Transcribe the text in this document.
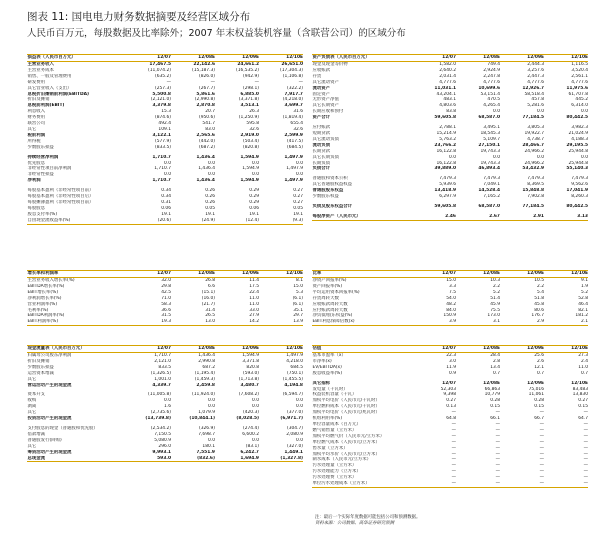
图表 11: 国电电力财务数据摘要及经营区域分布
人民币百万元，每股数据及比率除外；2007 年末权益装机容量（含联营公司）的区域分布
损益表（人民币百万元）	12/07	12/08E	12/09E	12/10E
主营业务收入	17,467.5	22,142.6	24,661.2	26,651.0
主营业务成本	(11,074.2)	(15,187.3)	(16,535.2)	(17,304.3)
销售、一般及管理费用	(635.2)	(826.0)	(942.9)	(1,106.8)
研发费用	—	—	—	—
其它营业收入（支出）	(257.3)	(267.7)	(298.1)	(322.2)
息税折旧摊销前利润(EBITDA)	5,500.8	5,861.6	6,885.0	7,917.7
折旧及摊销	(2,121.0)	(2,990.8)	(3,371.8)	(4,218.0)
息税前利润(EBIT)	3,379.8	2,870.8	3,513.1	3,699.7
利息收入	15.3	20.7	26.3	31.6
财务费用	(874.6)	(950.6)	(1,250.9)	(1,819.4)
联营公司	492.4	541.7	595.8	655.4
其它	109.1	83.0	32.6	32.6
税前利润	3,122.1	2,565.6	2,919.0	2,599.9
所得税	(577.9)	(442.0)	(503.4)	(417.5)
少数股东损益	(833.5)	(687.2)	(820.8)	(684.5)

持续经营净利润	1,710.7	1,436.4	1,594.9	1,497.9
优先股息	0.0	0.0	0.0	0.0
非经常性项目前净利润	1,710.7	1,436.4	1,594.9	1,497.9
非经常性损益	0.0	0.0	0.0	0.0
净利润	1,710.7	1,436.4	1,594.9	1,497.9

每股基本盈利（非经常性项目前）	0.34	0.26	0.29	0.27
每股基本盈利（非经常性项目后）	0.34	0.26	0.29	0.27
每股摊薄盈利（非经常性项目前）	0.31	0.26	0.29	0.27
每股股息	0.06	0.05	0.06	0.05
股息支付率(%)	19.1	19.1	19.1	19.1
自由现金流收益率(%)	(20.6)	(24.9)	(12.4)	(9.3)
增长率和利润率	12/07	12/08E	12/09E	12/10E
主营业务收入增长率(%)	32.0	26.8	11.4	8.1
EBITDA增长率(%)	29.8	6.6	17.5	15.0
EBIT增长率(%)	42.5	(15.1)	22.4	5.3
净利润增长率(%)	71.0	(16.0)	11.0	(6.1)
营业利润率(%)	58.3	(21.7)	11.0	(6.1)
毛利率(%)	36.6	31.4	33.0	35.1
EBITDA利润率(%)	31.5	26.5	27.9	29.7
EBIT利润率(%)	19.3	13.0	14.2	13.9
现金流量表（人民币百万元）	12/07	12/08E	12/09E	12/10E
归属母公司股东净利润	1,710.7	1,436.4	1,594.9	1,497.9
折旧及摊销	2,121.0	2,990.8	3,371.8	4,218.0
少数股东损益	833.5	687.2	820.8	684.5
运营资本增减	(1,326.5)	(1,195.4)	(593.0)	(750.1)
其它	1,001.0	(1,459.3)	(1,713.8)	(1,455.5)
营运活动产生的现金流	4,339.7	2,459.8	3,480.7	4,194.8

资本开支	(11,005.8)	(11,924.0)	(7,608.2)	(6,594.7)
收购	0.0	0.0	0.0	0.0
剥离	1.6	0.0	0.0	0.0
其它	(2,735.6)	1,079.9	(420.3)	(377.0)
投资活动产生的现金流	(13,739.8)	(10,844.1)	(8,028.5)	(6,971.7)

支付股息的现金（普通股和优先股）	(2,534.2)	(326.9)	(274.4)	(304.7)
借款增减	7,150.5	7,698.7	6,600.2	2,080.9
普通股发行(回购)	5,080.9	0.0	0.0	0.0
其它	296.0	180.1	(83.1)	(327.0)
筹资活动产生的现金流	9,993.1	7,551.9	6,242.7	1,449.1
总现金流	593.0	(832.6)	1,694.9	(1,327.8)
资产负债表（人民币百万元）	12/07	12/08E	12/09E	12/10E
现金及现金等价物	1,582.0	749.4	2,444.3	1,116.5
应收账款	2,640.2	2,924.9	3,257.6	3,520.4
存货	2,031.4	2,247.8	2,447.3	2,561.1
其它流动资产	4,777.6	4,777.6	4,777.6	4,777.6
流动资产	11,031.1	10,699.6	12,926.7	11,975.6
固定资产	43,204.1	53,151.4	58,518.4	61,707.8
无形资产净值	483.1	470.5	457.8	445.2
其它长期资产	4,803.6	4,265.4	5,281.6	6,314.0
长期应收和预付	83.8	0.0	0.0	0.0
资产合计	59,605.8	68,587.0	77,184.5	80,442.5

应付账款	2,788.1	3,495.1	3,805.3	3,982.3
短期贷款	15,214.9	18,545.3	19,922.7	21,024.9
其它流动负债	5,763.2	5,109.7	4,738.7	4,188.3
流动负债	23,766.2	27,150.1	28,466.7	29,195.5
长期贷款	16,122.8	19,743.3	24,966.2	25,944.8
其它长期负债	0.0	0.0	0.0	0.0
长期负债	16,122.8	19,743.3	24,966.2	25,944.8
负债合计	39,889.0	46,893.4	53,432.9	55,140.3

普通股和资本公积	7,479.3	7,479.3	7,479.3	7,479.3
其它普通股权益权益	5,939.6	7,049.1	8,369.5	9,562.6
普通股股东权益	13,418.9	14,528.4	15,848.8	17,041.9
少数股东权益	6,297.9	7,165.2	7,902.8	8,260.3

负债及股东权益合计	59,605.8	68,587.0	77,184.5	80,442.5

每股净资产（人民币元）	2.46	2.67	2.91	3.13
比率	12/07	12/08E	12/09E	12/10E
净资产回报率(%)	15.0	10.3	10.5	9.1
资产回报率(%)	3.3	2.2	2.2	1.9
平均运用资本回报率(%)	7.5	5.2	5.4	5.2
存货周转天数	54.0	51.4	51.8	52.8
应收账款周转天数	48.2	45.9	45.8	46.4
应付账款周转天数	84.0	75.5	80.6	82.1
净负债/股东权益(%)	150.9	173.0	176.7	181.2
EBIT利息保障倍数(x)	3.9	3.1	2.9	2.1
估值	12/07	12/08E	12/09E	12/10E
基本市盈率（x）	22.3	28.4	25.6	27.3
市净率(x)	3.0	2.8	2.6	2.4
EV/EBITDA(x)	11.9	13.4	12.1	11.0
股息收益率(%)	0.9	0.7	0.7	0.7

其它指标	12/07	12/08E	12/09E	12/10E
发电量（千瓦时）	52,303	66,863	75,016	83,483
权益装机容量（千瓦）	9,398	10,779	11,061	13,830
加权平均电价（人民币元/千瓦时）	0.27	0.28	0.28	0.27
单位燃料成本（人民币元/千瓦时）	0.13	0.15	0.15	0.15
加权平均电价（人民币元/兆瓦时）	—	—	—	—
机组利用率(%)	64.8	66.1	66.7	64.7
单位容量成本（百万元）	—	—	—	—
燃气销售量（立方米）	—	—	—	—
加权平均燃气价（人民币元/立方米）	—	—	—	—
单位燃气成本（人民币元/立方米）	—	—	—	—
售水量（立方米）	—	—	—	—
加权平均水价（人民币元/立方米）	—	—	—	—
制水成本（人民币元/立方米）	—	—	—	—
污水处理量（立方米）	—	—	—	—
污水处理能力（立方米）	—	—	—	—
污水处理费（立方米）	—	—	—	—
单位污水处理成本（立方米）	—	—	—	—
注：最后一个实际年度数据可能包括公司和预测数据。
资料来源：公司数据、高华证券研究预测
